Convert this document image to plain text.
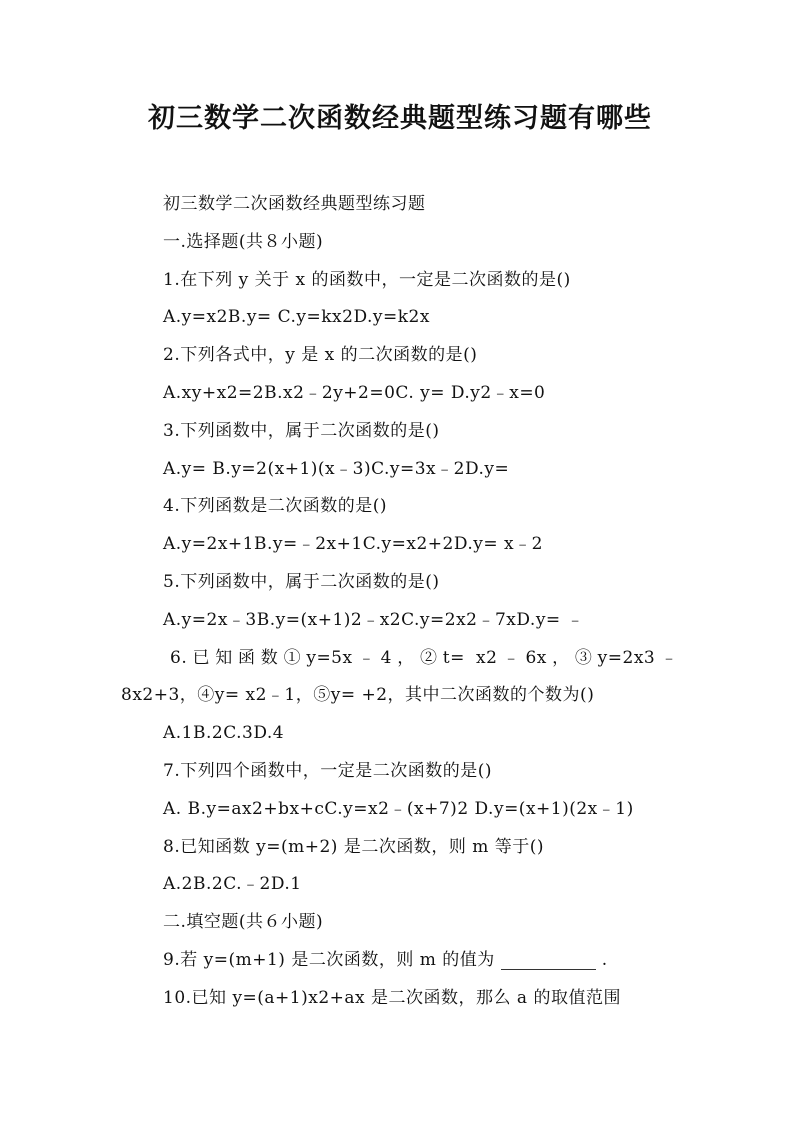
初三数学二次函数经典题型练习题有哪些
初三数学二次函数经典题型练习题
一.选择题(共８小题)
1.在下列 y 关于 x 的函数中，一定是二次函数的是()
A.y=x2B.y= C.y=kx2D.y=k2x
2.下列各式中，y 是 x 的二次函数的是()
A.xy+x2=2B.x2﹣2y+2=0C. y= D.y2﹣x=0
3.下列函数中，属于二次函数的是()
A.y= B.y=2(x+1)(x﹣3)C.y=3x﹣2D.y=
4.下列函数是二次函数的是()
A.y=2x+1B.y=﹣2x+1C.y=x2+2D.y= x﹣2
5.下列函数中，属于二次函数的是()
A.y=2x﹣3B.y=(x+1)2﹣x2C.y=2x2﹣7xD.y= ﹣
6.已知函数①y=5x﹣4，②t= x2﹣6x，③y=2x3﹣
8x2+3，④y= x2﹣1，⑤y= +2，其中二次函数的个数为()
A.1B.2C.3D.4
7.下列四个函数中，一定是二次函数的是()
A. B.y=ax2+bx+cC.y=x2﹣(x+7)2 D.y=(x+1)(2x﹣1)
8.已知函数 y=(m+2) 是二次函数，则 m 等于()
A.2B.2C.﹣2D.1
二.填空题(共６小题)
9.若 y=(m+1) 是二次函数，则 m 的值为	.
10.已知 y=(a+1)x2+ax 是二次函数，那么 a 的取值范围
